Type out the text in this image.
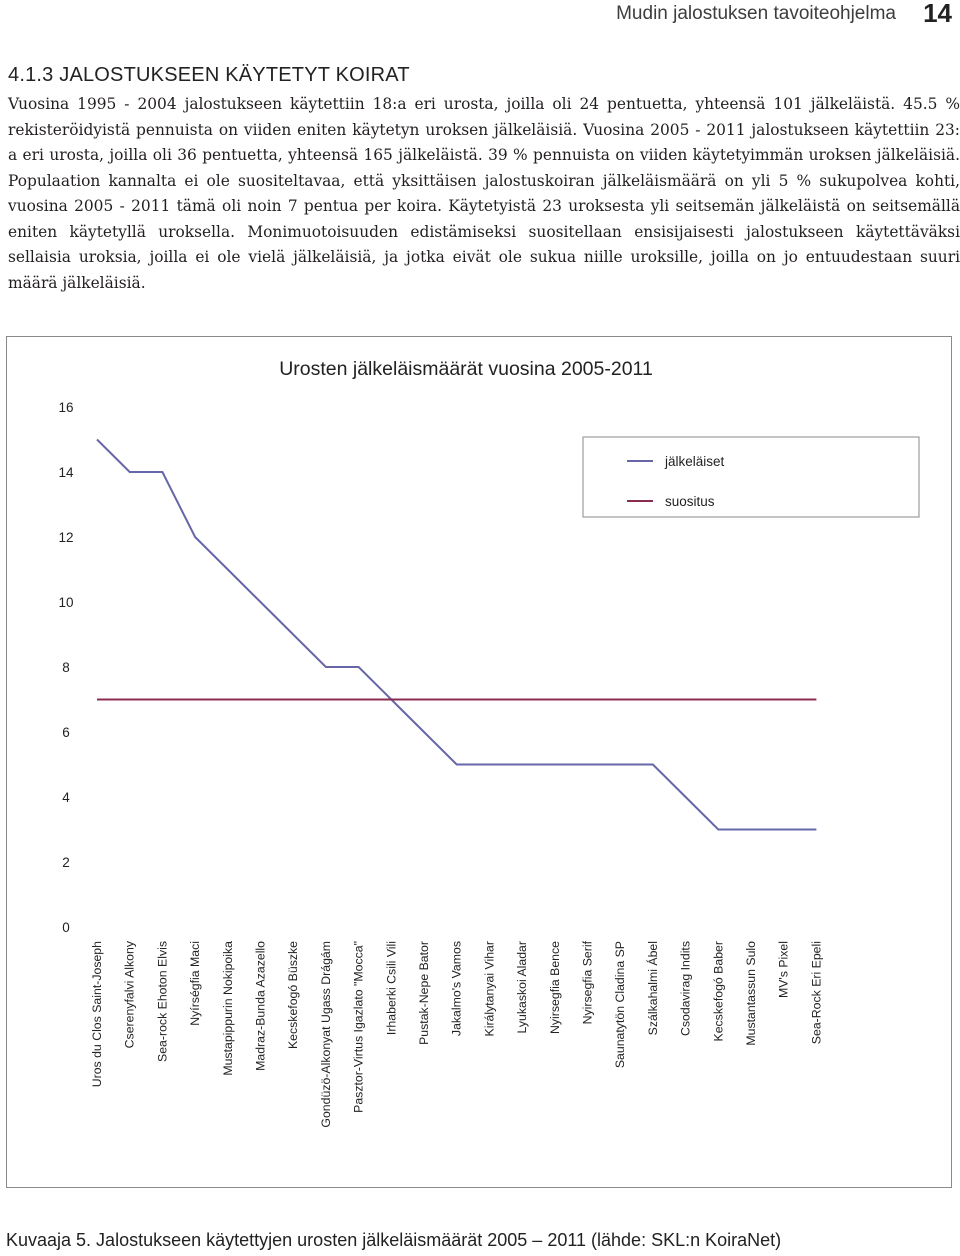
Mudin jalostuksen tavoiteohjelma 14
4.1.3 JALOSTUKSEEN KÄYTETYT KOIRAT

Vuosina 1995 - 2004 jalostukseen käytettiin 18:a eri urosta, joilla oli 24 pentuetta, yhteensä 101 jälkeläistä. 45.5 % rekisteröidyistä pennuista on viiden eniten käytetyn uroksen jälkeläisiä. Vuosina 2005 - 2011 jalostukseen käytettiin 23: a eri urosta, joilla oli 36 pentuetta, yhteensä 165 jälkeläistä. 39 % pennuista on viiden käytetyimmän uroksen jälkeläisiä. Populaation kannalta ei ole suositeltavaa, että yksittäisen jalostuskoiran jälkeläismäärä on yli 5 % sukupolvea kohti, vuosina 2005 - 2011 tämä oli noin 7 pentua per koira. Käytetyistä 23 uroksesta yli seitsemän jälkeläistä on seitsemällä eniten käytetyllä uroksella. Monimuotoisuuden edistämiseksi suositellaan ensisijaisesti jalostukseen käytettäväksi sellaisia uroksia, joilla ei ole vielä jälkeläisiä, ja jotka eivät ole sukua niille uroksille, joilla on jo entuudestaan suuri määrä jälkeläisiä.

Urosten jälkeläismäärät vuosina 2005-2011
0
2
4
6
8
10
12
14
16
Uros du Clos Saint-Joseph Cserenyfalvi Alkony Sea-rock Ehoton Elvis Nyírségfia Maci Mustapippurin Nokipoika Madraz-Bunda Azazello Kecskefogó Büszke Gondüzö-Alkonyat Ugass Drágám Pasztor-Virtus Igazlato "Mocca" Irhaberki Csili Vili Pustak-Nepe Bator Jakalmo's Vamos Királytanyai Vihar Lyukaskoi Aladar Nyirsegfia Bence Nyirsegfia Serif Saunatytön Cladina SP Szálkahalmi Ábel Csodavirag Indits Kecskefogó Baber Mustantassun Sulo MV's Pixel Sea-Rock Eri Epeli
jälkeläiset
suositus
Kuvaaja 5. Jalostukseen käytettyjen urosten jälkeläismäärät 2005 – 2011 (lähde: SKL:n KoiraNet)
